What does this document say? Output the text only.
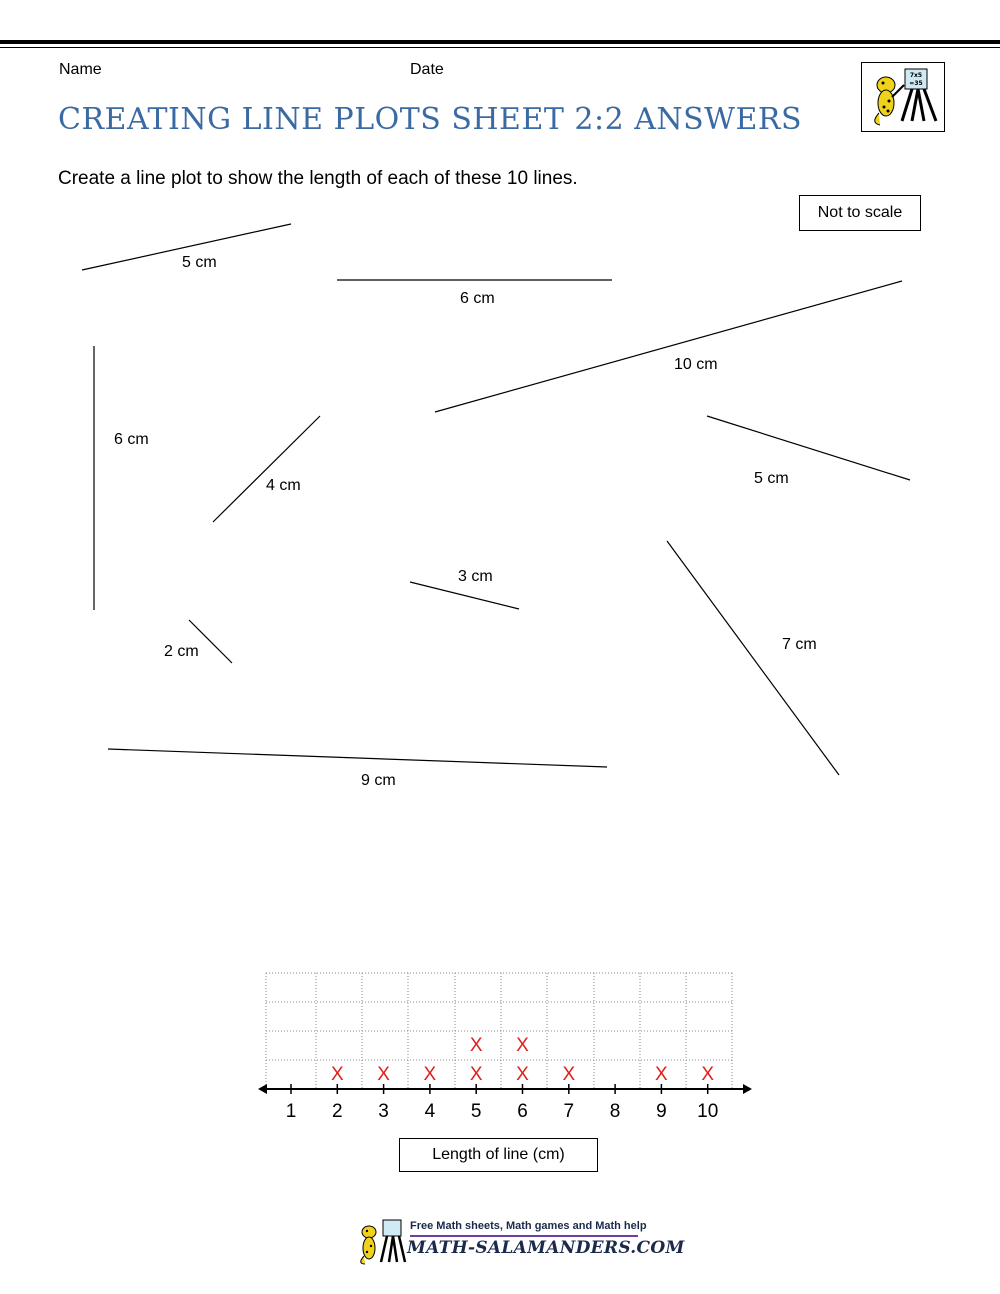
Name	Date
CREATING LINE PLOTS SHEET 2:2 ANSWERS
7x5
=35
Create a line plot to show the length of each of these 10 lines.
Not to scale
5 cm
6 cm
10 cm
6 cm
4 cm	5 cm
3 cm
7 cm
2 cm
9 cm
1 2 3 4 5 6 7 8 9 10
X X X X
X
X
X
X	X X
Length of line (cm)
Free Math sheets, Math games and Math help
MATH-SALAMANDERS.COM
